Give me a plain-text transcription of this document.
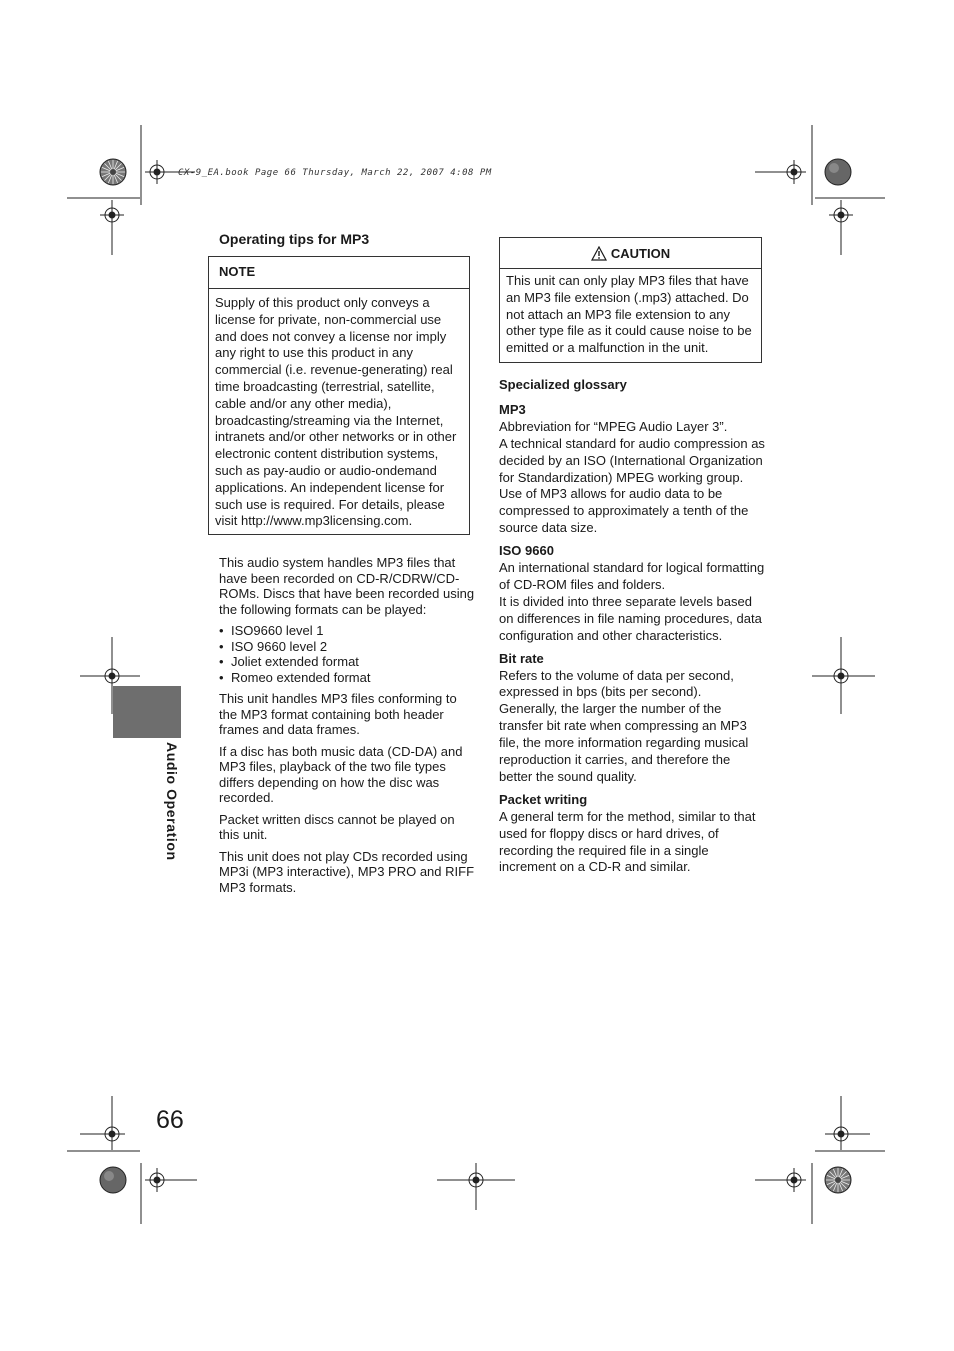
CX-9_EA.book Page 66 Thursday, March 22, 2007 4:08 PM
Operating tips for MP3
NOTE
Supply of this product only conveys a license for private, non-commercial use and does not convey a license nor imply any right to use this product in any commercial (i.e. revenue-generating) real time broadcasting (terrestrial, satellite, cable and/or any other media), broadcasting/streaming via the Internet, intranets and/or other networks or in other electronic content distribution systems, such as pay-audio or audio-ondemand applications. An independent license for such use is required. For details, please visit http://www.mp3licensing.com.

This audio system handles MP3 files that have been recorded on CD-R/CDRW/CD-ROMs. Discs that have been recorded using the following formats can be played:

• ISO9660 level 1
• ISO 9660 level 2
• Joliet extended format
• Romeo extended format

This unit handles MP3 files conforming to the MP3 format containing both header frames and data frames.

If a disc has both music data (CD-DA) and MP3 files, playback of the two file types differs depending on how the disc was recorded.

Packet written discs cannot be played on this unit.

This unit does not play CDs recorded using MP3i (MP3 interactive), MP3 PRO and RIFF MP3 formats.

CAUTION
This unit can only play MP3 files that have an MP3 file extension (.mp3) attached. Do not attach an MP3 file extension to any other type file as it could cause noise to be emitted or a malfunction in the unit.

Specialized glossary

MP3

Abbreviation for “MPEG Audio Layer 3”.
A technical standard for audio compression as decided by an ISO (International Organization for Standardization) MPEG working group.
Use of MP3 allows for audio data to be compressed to approximately a tenth of the source data size.

ISO 9660

An international standard for logical formatting of CD-ROM files and folders.
It is divided into three separate levels based on differences in file naming procedures, data configuration and other characteristics.

Bit rate

Refers to the volume of data per second, expressed in bps (bits per second).
Generally, the larger the number of the transfer bit rate when compressing an MP3 file, the more information regarding musical reproduction it carries, and therefore the better the sound quality.

Packet writing

A general term for the method, similar to that used for floppy discs or hard drives, of recording the required file in a single increment on a CD-R and similar.

Audio Operation
66
